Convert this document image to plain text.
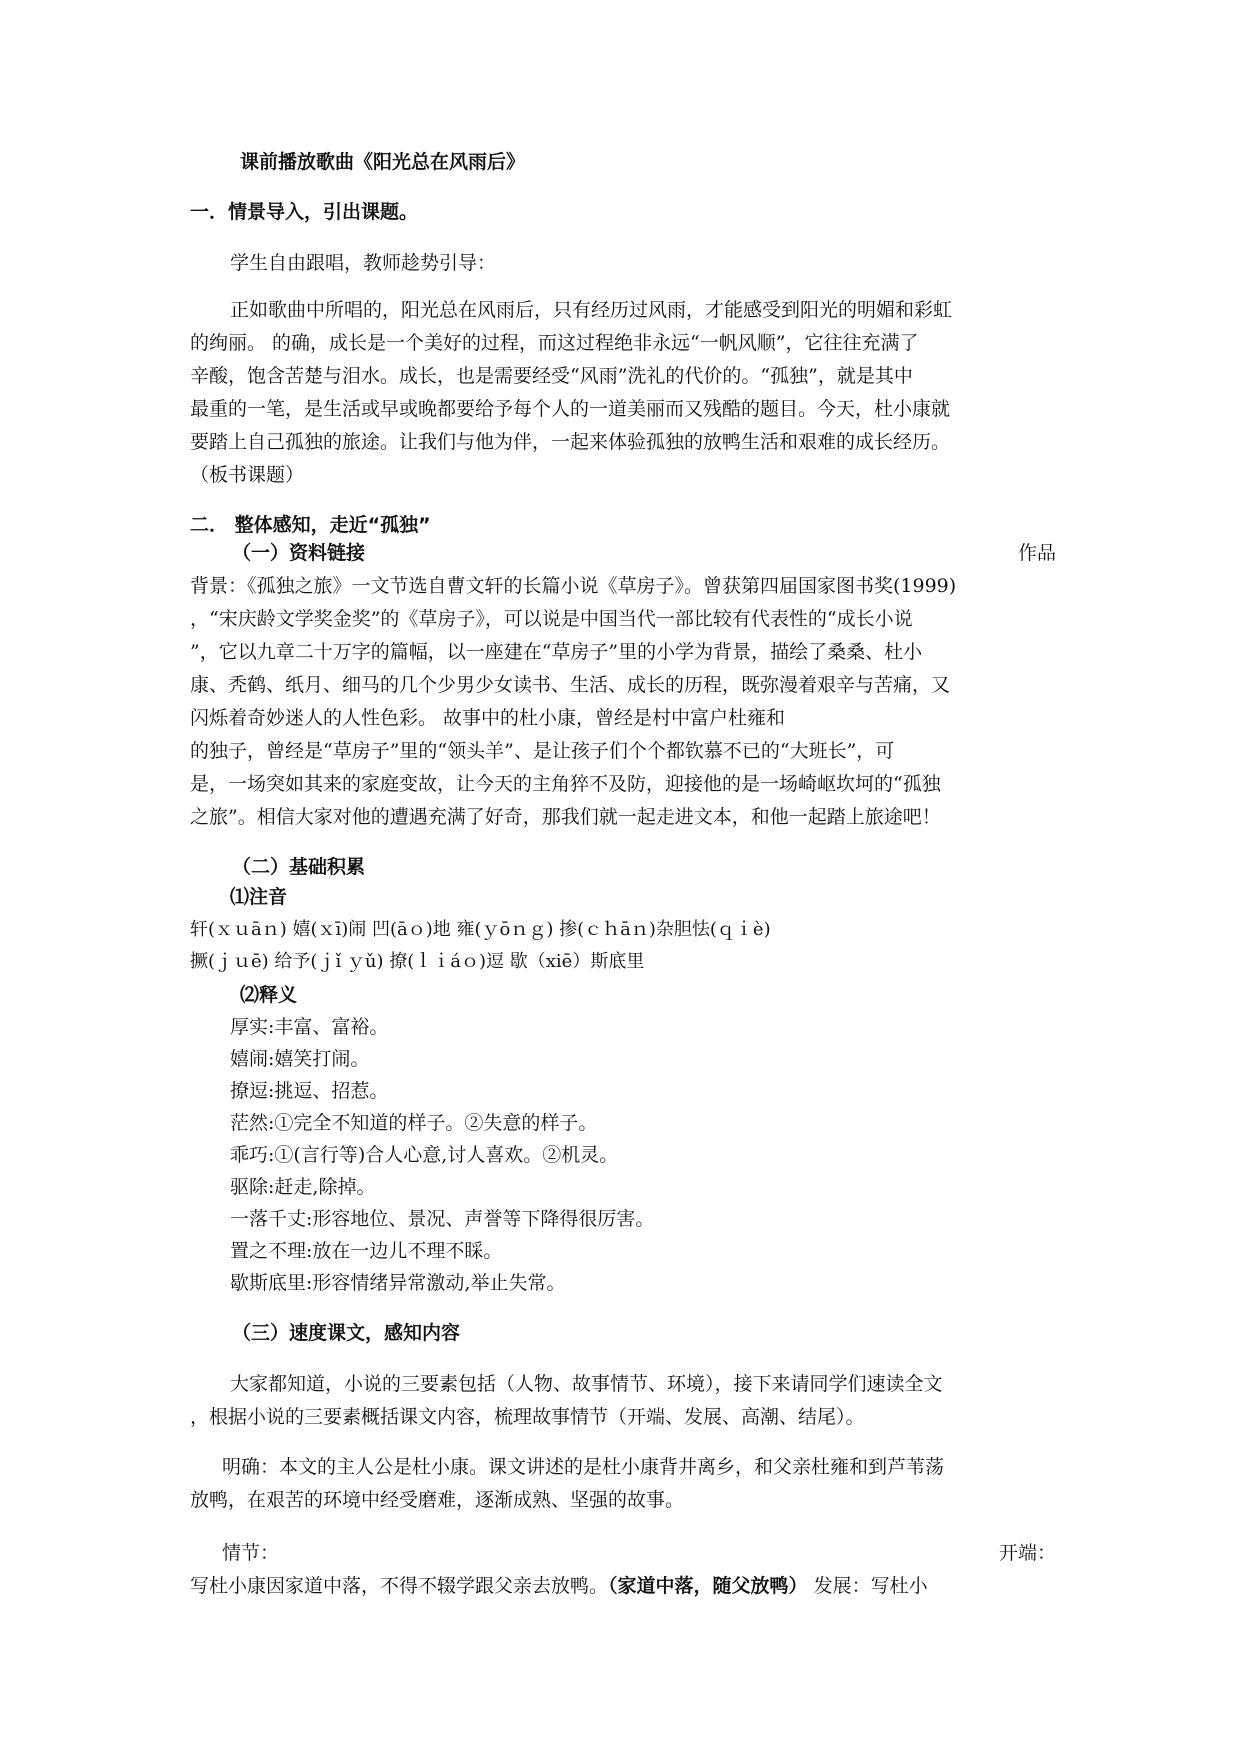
课前播放歌曲《阳光总在风雨后》
一．情景导入，引出课题。
学生自由跟唱，教师趁势引导：
正如歌曲中所唱的，阳光总在风雨后，只有经历过风雨，才能感受到阳光的明媚和彩虹
的绚丽。 的确，成长是一个美好的过程，而这过程绝非永远“一帆风顺”，它往往充满了
辛酸，饱含苦楚与泪水。成长，也是需要经受“风雨”洗礼的代价的。“孤独”，就是其中
最重的一笔，是生活或早或晚都要给予每个人的一道美丽而又残酷的题目。今天，杜小康就
要踏上自己孤独的旅途。让我们与他为伴，一起来体验孤独的放鸭生活和艰难的成长经历。
（板书课题）
二． 整体感知，走近“孤独”
（一）资料链接	作品
背景：《孤独之旅》一文节选自曹文轩的长篇小说《草房子》。曾获第四届国家图书奖(1999)
，“宋庆龄文学奖金奖”的《草房子》，可以说是中国当代一部比较有代表性的“成长小说
”，它以九章二十万字的篇幅，以一座建在“草房子”里的小学为背景，描绘了桑桑、杜小
康、秃鹤、纸月、细马的几个少男少女读书、生活、成长的历程，既弥漫着艰辛与苦痛，又
闪烁着奇妙迷人的人性色彩。 故事中的杜小康，曾经是村中富户杜雍和
的独子，曾经是“草房子”里的“领头羊”、是让孩子们个个都钦慕不已的“大班长”，可
是，一场突如其来的家庭变故，让今天的主角猝不及防，迎接他的是一场崎岖坎坷的“孤独
之旅”。相信大家对他的遭遇充满了好奇，那我们就一起走进文本，和他一起踏上旅途吧！
（二）基础积累
⑴注音
轩(ｘｕāｎ) 嬉(ｘī)闹 凹(āｏ)地 雍(ｙōｎｇ) 掺(ｃｈāｎ)杂胆怯(ｑｉè)
撅(ｊｕē) 给予(ｊǐ ｙǔ) 撩(ｌｉáｏ)逗 歇（xiē）斯底里
⑵释义
厚实:丰富、富裕。
嬉闹:嬉笑打闹。
撩逗:挑逗、招惹。
茫然:①完全不知道的样子。②失意的样子。
乖巧:①(言行等)合人心意,讨人喜欢。②机灵。
驱除:赶走,除掉。
一落千丈:形容地位、景况、声誉等下降得很厉害。
置之不理:放在一边儿不理不睬。
歇斯底里:形容情绪异常激动,举止失常。
（三）速度课文，感知内容
大家都知道，小说的三要素包括（人物、故事情节、环境），接下来请同学们速读全文
，根据小说的三要素概括课文内容，梳理故事情节（开端、发展、高潮、结尾）。
明确：本文的主人公是杜小康。课文讲述的是杜小康背井离乡，和父亲杜雍和到芦苇荡
放鸭，在艰苦的环境中经受磨难，逐渐成熟、坚强的故事。
情节：	开端：
写杜小康因家道中落，不得不辍学跟父亲去放鸭。（家道中落，随父放鸭） 发展：写杜小
